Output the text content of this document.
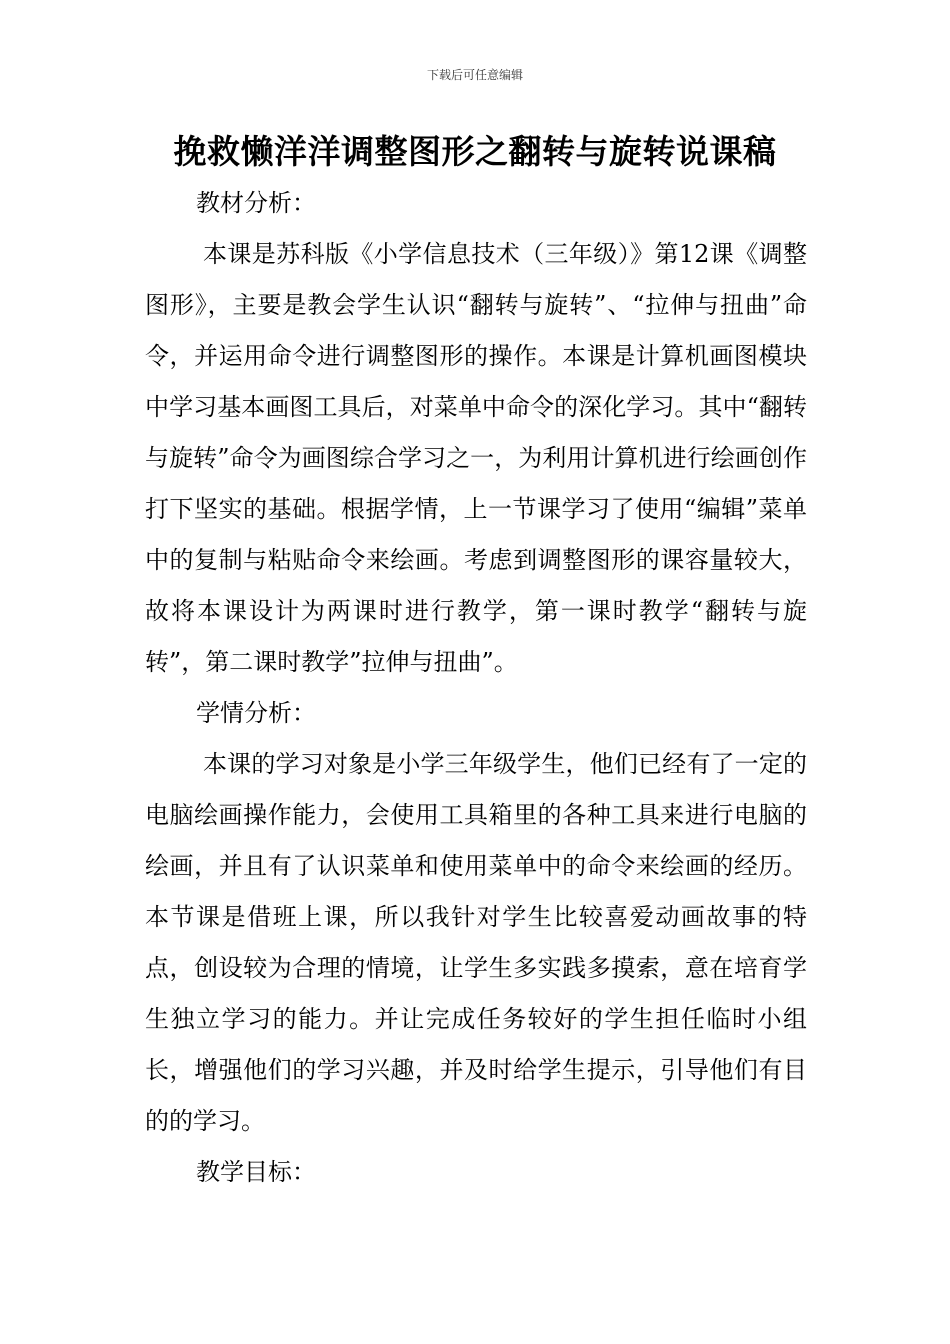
下载后可任意编辑
挽救懒洋洋调整图形之翻转与旋转说课稿
教材分析：

本课是苏科版《小学信息技术（三年级）》第12课《调整图形》，主要是教会学生认识“翻转与旋转”、“拉伸与扭曲”命令，并运用命令进行调整图形的操作。本课是计算机画图模块中学习基本画图工具后，对菜单中命令的深化学习。其中“翻转与旋转”命令为画图综合学习之一，为利用计算机进行绘画创作打下坚实的基础。根据学情，上一节课学习了使用“编辑”菜单中的复制与粘贴命令来绘画。考虑到调整图形的课容量较大，故将本课设计为两课时进行教学，第一课时教学“翻转与旋转”，第二课时教学”拉伸与扭曲”。

学情分析：

本课的学习对象是小学三年级学生，他们已经有了一定的电脑绘画操作能力，会使用工具箱里的各种工具来进行电脑的绘画，并且有了认识菜单和使用菜单中的命令来绘画的经历。本节课是借班上课，所以我针对学生比较喜爱动画故事的特点，创设较为合理的情境，让学生多实践多摸索，意在培育学生独立学习的能力。并让完成任务较好的学生担任临时小组长，增强他们的学习兴趣，并及时给学生提示，引导他们有目的的学习。

教学目标：
